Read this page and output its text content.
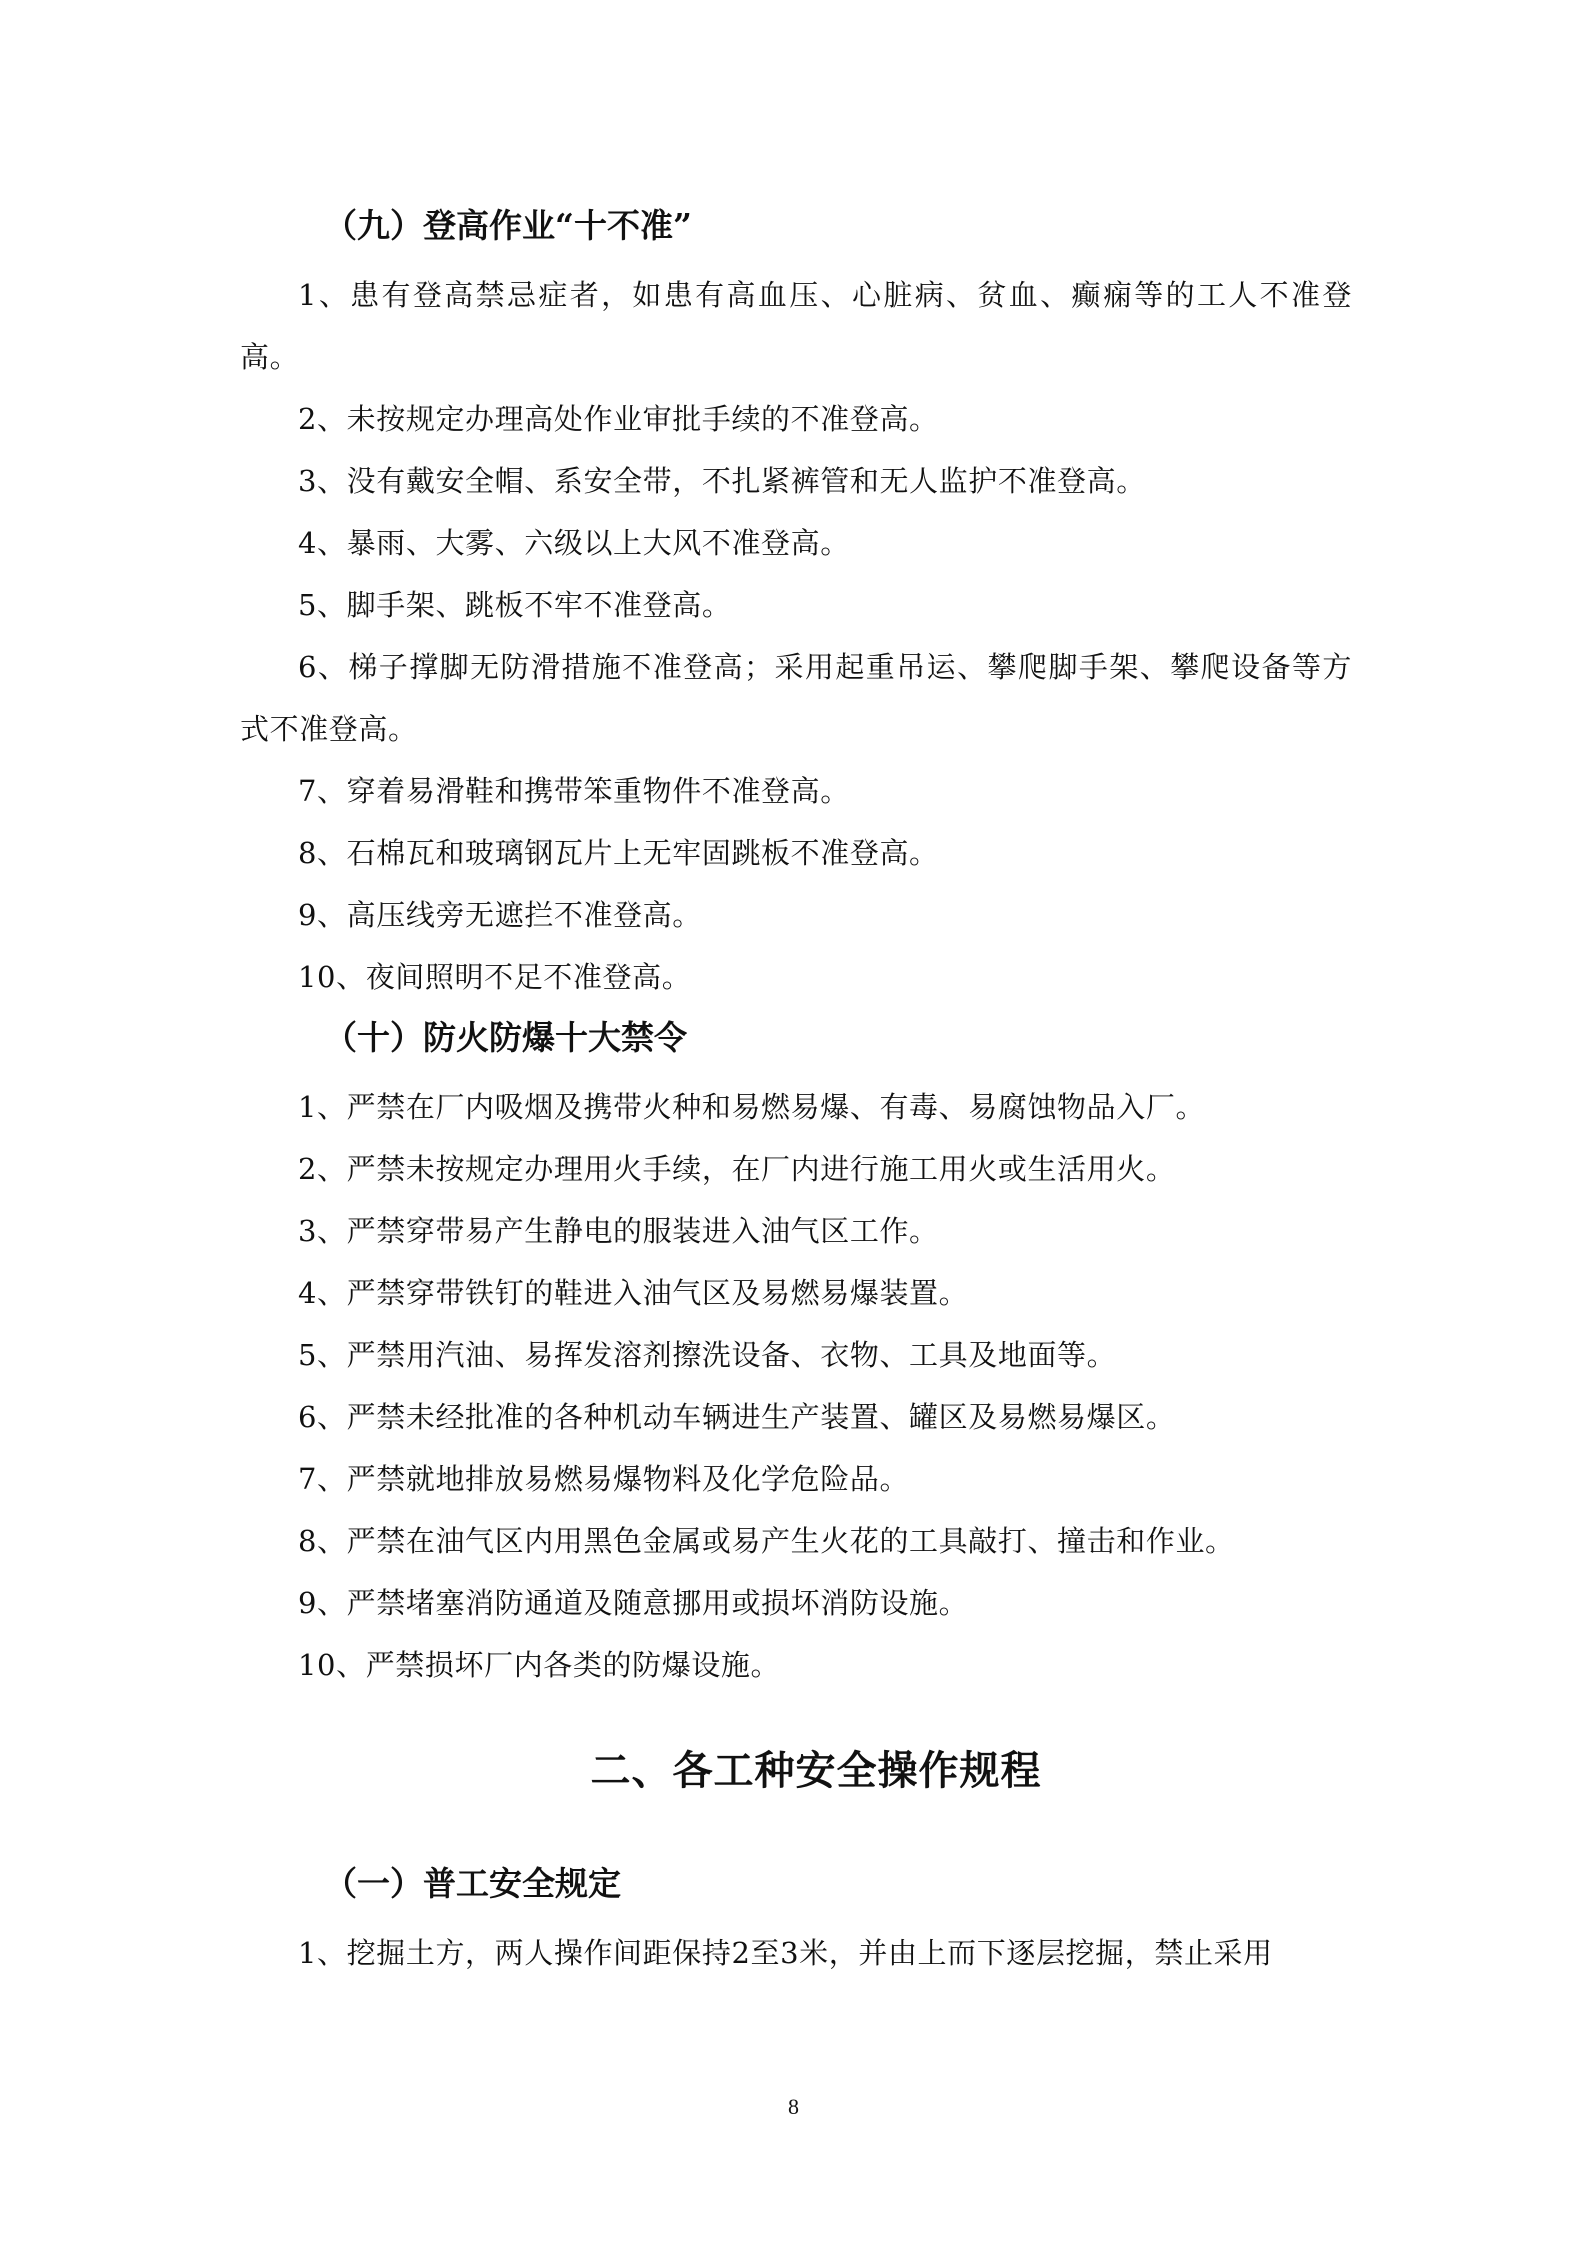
（九）登高作业“十不准”

1、患有登高禁忌症者，如患有高血压、心脏病、贫血、癫痫等的工人不准登高。

2、未按规定办理高处作业审批手续的不准登高。

3、没有戴安全帽、系安全带，不扎紧裤管和无人监护不准登高。

4、暴雨、大雾、六级以上大风不准登高。

5、脚手架、跳板不牢不准登高。

6、梯子撑脚无防滑措施不准登高；采用起重吊运、攀爬脚手架、攀爬设备等方式不准登高。

7、穿着易滑鞋和携带笨重物件不准登高。

8、石棉瓦和玻璃钢瓦片上无牢固跳板不准登高。

9、高压线旁无遮拦不准登高。

10、夜间照明不足不准登高。

（十）防火防爆十大禁令

1、严禁在厂内吸烟及携带火种和易燃易爆、有毒、易腐蚀物品入厂。

2、严禁未按规定办理用火手续，在厂内进行施工用火或生活用火。

3、严禁穿带易产生静电的服装进入油气区工作。

4、严禁穿带铁钉的鞋进入油气区及易燃易爆装置。

5、严禁用汽油、易挥发溶剂擦洗设备、衣物、工具及地面等。

6、严禁未经批准的各种机动车辆进生产装置、罐区及易燃易爆区。

7、严禁就地排放易燃易爆物料及化学危险品。

8、严禁在油气区内用黑色金属或易产生火花的工具敲打、撞击和作业。

9、严禁堵塞消防通道及随意挪用或损坏消防设施。

10、严禁损坏厂内各类的防爆设施。

二、各工种安全操作规程
（一）普工安全规定

1、挖掘土方，两人操作间距保持2至3米，并由上而下逐层挖掘，禁止采用

8
